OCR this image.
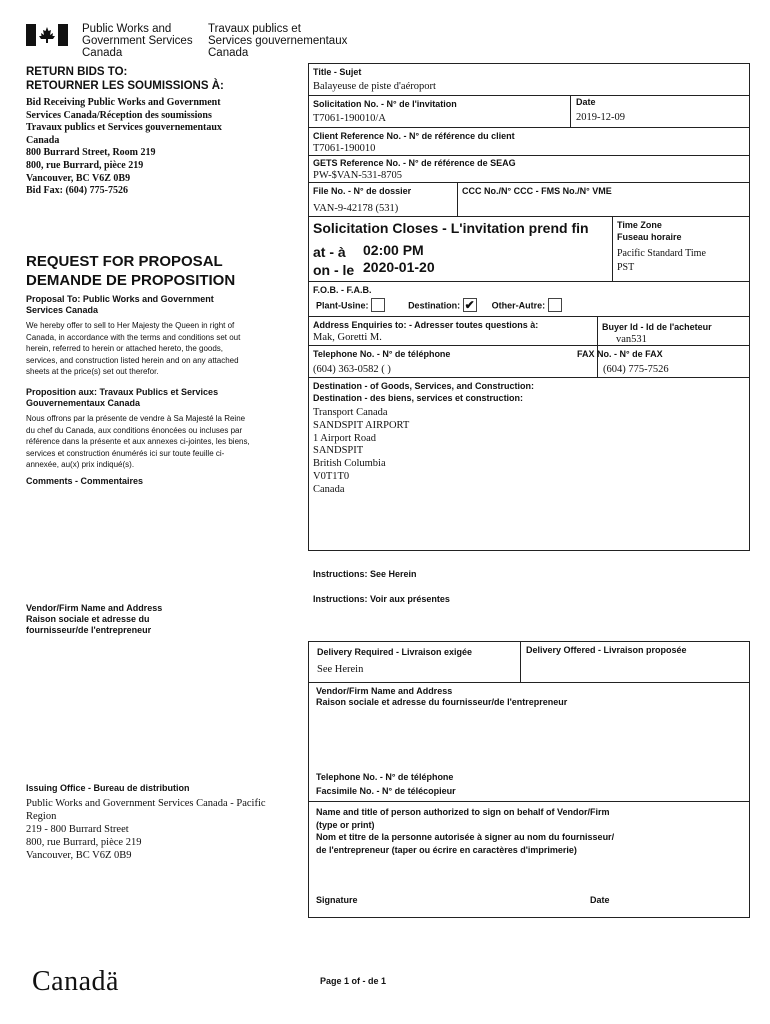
Public Works and
Government Services
Canada
Travaux publics et
Services gouvernementaux
Canada
RETURN BIDS TO:
RETOURNER LES SOUMISSIONS À:
Bid Receiving Public Works and Government
Services Canada/Réception des soumissions
Travaux publics et Services gouvernementaux
Canada
800 Burrard Street, Room 219
800, rue Burrard, pièce 219
Vancouver, BC V6Z 0B9
Bid Fax: (604) 775-7526
REQUEST FOR PROPOSAL
DEMANDE DE PROPOSITION
Proposal To: Public Works and Government Services Canada
We hereby offer to sell to Her Majesty the Queen in right of Canada, in accordance with the terms and conditions set out herein, referred to herein or attached hereto, the goods, services, and construction listed herein and on any attached sheets at the price(s) set out therefor.
Proposition aux: Travaux Publics et Services Gouvernementaux Canada
Nous offrons par la présente de vendre à Sa Majesté la Reine du chef du Canada, aux conditions énoncées ou incluses par référence dans la présente et aux annexes ci-jointes, les biens, services et construction énumérés ici sur toute feuille ci-annexée, au(x) prix indiqué(s).
Comments - Commentaires
Vendor/Firm Name and Address
Raison sociale et adresse du
fournisseur/de l'entrepreneur
Issuing Office - Bureau de distribution
Public Works and Government Services Canada - Pacific
Region
219 - 800 Burrard Street
800, rue Burrard, pièce 219
Vancouver, BC V6Z 0B9
Title - Sujet
Balayeuse de piste d'aéroport
Solicitation No. - N° de l'invitation
T7061-190010/A
Date
2019-12-09
Client Reference No. - N° de référence du client
T7061-190010
GETS Reference No. - N° de référence de SEAG
PW-$VAN-531-8705
File No. - N° de dossier
VAN-9-42178 (531)
CCC No./N° CCC - FMS No./N° VME
Solicitation Closes - L'invitation prend fin
at - à 02:00 PM
on - le 2020-01-20
Time Zone
Fuseau horaire
Pacific Standard Time
PST
F.O.B. - F.A.B.
Plant-Usine:	Destination: ✔ Other-Autre:
Address Enquiries to: - Adresser toutes questions à:
Mak, Goretti M.
Buyer Id - Id de l'acheteur
van531
Telephone No. - N° de téléphone
(604) 363-0582 ( )
FAX No. - N° de FAX
(604) 775-7526
Destination - of Goods, Services, and Construction:
Destination - des biens, services et construction:
Transport Canada
SANDSPIT AIRPORT
1 Airport Road
SANDSPIT
British Columbia
V0T1T0
Canada
Instructions: See Herein
Instructions: Voir aux présentes
Delivery Required - Livraison exigée
See Herein
Delivery Offered - Livraison proposée
Vendor/Firm Name and Address
Raison sociale et adresse du fournisseur/de l'entrepreneur
Telephone No. - N° de téléphone
Facsimile No. - N° de télécopieur
Name and title of person authorized to sign on behalf of Vendor/Firm
(type or print)
Nom et titre de la personne autorisée à signer au nom du fournisseur/
de l'entrepreneur (taper ou écrire en caractères d'imprimerie)
Signature	Date
Canadä	Page 1 of - de 1
